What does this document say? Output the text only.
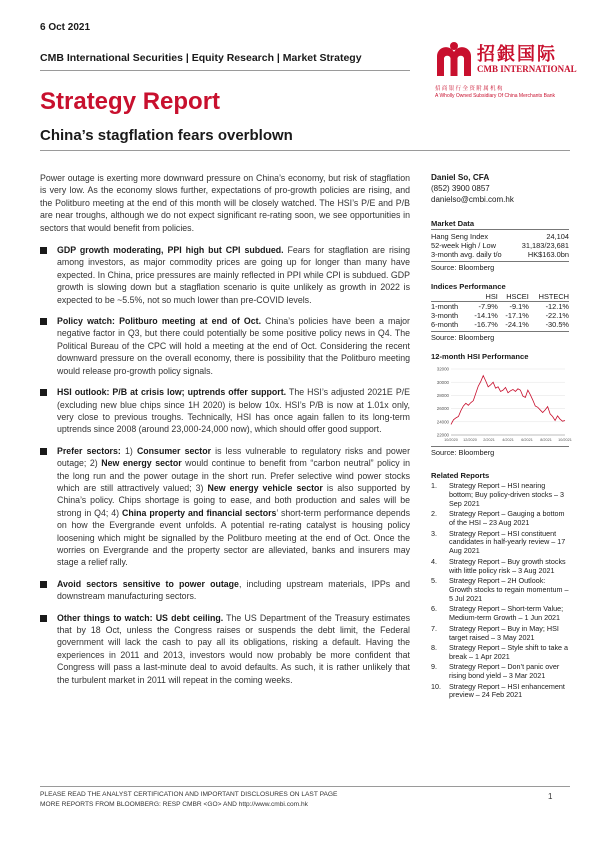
6 Oct 2021
CMB International Securities | Equity Research | Market Strategy	招銀国际
CMB INTERNATIONAL
招 商 银 行 全 资 附 属 机 构
A Wholly Owned Subsidiary Of China Merchants Bank
Strategy Report
China’s stagflation fears overblown

Power outage is exerting more downward pressure on China’s economy, but risk of stagflation is very low. As the economy slows further, expectations of pro-growth policies are rising, and the Politburo meeting at the end of this month will be closely watched. The HSI’s P/E and P/B are near troughs, although we do not expect significant re-rating soon, we see opportunities in sectors that would benefit from policies.

GDP growth moderating, PPI high but CPI subdued. Fears for stagflation are rising among investors, as major commodity prices are going up for longer than many have expected. In China, price pressures are mainly reflected in PPI while CPI is subdued. GDP growth is slowing down but a stagflation scenario is quite unlikely as growth in 2022 is expected to be ~5.5%, not so much lower than pre-COVID levels.
Policy watch: Politburo meeting at end of Oct. China’s policies have been a major negative factor in Q3, but there could potentially be some positive policy news in Q4. The Political Bureau of the CPC will hold a meeting at the end of Oct. Considering the recent downward pressure on the overall economy, there is possibility that the Politburo meeting would release pro-growth policy signals.
HSI outlook: P/B at crisis low; uptrends offer support. The HSI’s adjusted 2021E P/E (excluding new blue chips since 1H 2020) is below 10x. HSI’s P/B is now at 1.01x only, very close to previous troughs. Technically, HSI has once again fallen to its long-term uptrends since 2008 (around 23,000-24,000 now), which should offer good support.
Prefer sectors: 1) Consumer sector is less vulnerable to regulatory risks and power outage; 2) New energy sector would continue to benefit from “carbon neutral” policy in the long run and the power outage in the short run. Prefer selective wind power stocks which are still attractively valued; 3) New energy vehicle sector is also supported by China’s policy. Chips shortage is going to ease, and both production and sales will be strong in Q4; 4) China property and financial sectors’ short-term performance depends on how the Evergrande event unfolds. A potential re-rating catalyst is housing policy loosening which might be signalled by the Politburo meeting at the end of Oct. Once the worries on Evergrande and the property sector are alleviated, banks and insurers may stage a relief rally.
Avoid sectors sensitive to power outage, including upstream materials, IPPs and downstream manufacturing sectors.
Other things to watch: US debt ceiling. The US Department of the Treasury estimates that by 18 Oct, unless the Congress raises or suspends the debt limit, the Federal government will lack the cash to pay all its obligations, risking a default. Having the experiences in 2011 and 2013, investors would now probably be more confident that Congress will pass a last-minute deal to avoid defaults. As such, it is rather unlikely that the turbulent market in 2011 will repeat in the coming weeks.
Daniel So, CFA
(852) 3900 0857
danielso@cmbi.com.hk
Market Data
Hang Seng Index	24,104
52-week High / Low	31,183/23,681
3-month avg. daily t/o	HK$163.0bn
Source: Bloomberg
Indices Performance
	HSI	HSCEI	HSTECH
1-month	-7.9%	-9.1%	-12.1%
3-month	-14.1%	-17.1%	-22.1%
6-month	-16.7%	-24.1%	-30.5%
Source: Bloomberg
12-month HSI Performance
32000
30000
28000
26000
24000
22000
10/2020 12/2020 2/2021 4/2021 6/2021 8/2021 10/2021
Source: Bloomberg
Related Reports
1.	Strategy Report – HSI nearing bottom; Buy policy-driven stocks – 3 Sep 2021
2.	Strategy Report – Gauging a bottom of the HSI – 23 Aug 2021
3.	Strategy Report – HSI constituent candidates in half-yearly review – 17 Aug 2021
4.	Strategy Report – Buy growth stocks with little policy risk – 3 Aug 2021
5.	Strategy Report – 2H Outlook: Growth stocks to regain momentum – 5 Jul 2021
6.	Strategy Report – Short-term Value; Medium-term Growth – 1 Jun 2021
7.	Strategy Report – Buy in May; HSI target raised – 3 May 2021
8.	Strategy Report – Style shift to take a break – 1 Apr 2021
9.	Strategy Report – Don’t panic over rising bond yield – 3 Mar 2021
10.	Strategy Report – HSI enhancement preview – 24 Feb 2021
PLEASE READ THE ANALYST CERTIFICATION AND IMPORTANT DISCLOSURES ON LAST PAGE
MORE REPORTS FROM BLOOMBERG: RESP CMBR <GO> AND http://www.cmbi.com.hk
1
